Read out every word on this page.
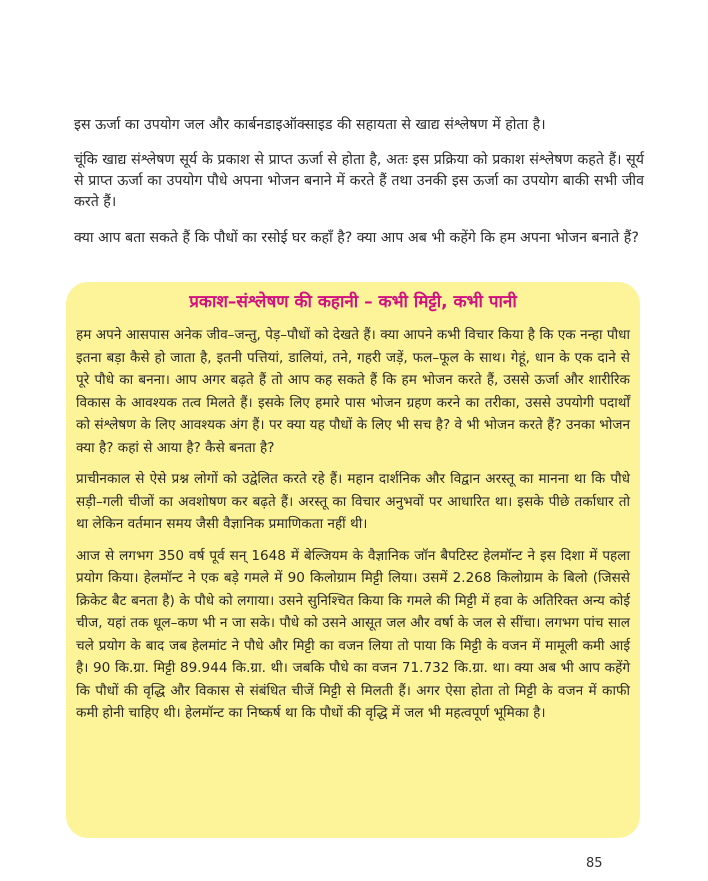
इस ऊर्जा का उपयोग जल और कार्बनडाइऑक्साइड की सहायता से खाद्य संश्लेषण में होता है।

चूंकि खाद्य संश्लेषण सूर्य के प्रकाश से प्राप्त ऊर्जा से होता है, अतः इस प्रक्रिया को प्रकाश संश्लेषण कहते हैं। सूर्य से प्राप्त ऊर्जा का उपयोग पौधे अपना भोजन बनाने में करते हैं तथा उनकी इस ऊर्जा का उपयोग बाकी सभी जीव करते हैं।

क्या आप बता सकते हैं कि पौधों का रसोई घर कहाँ है? क्या आप अब भी कहेंगे कि हम अपना भोजन बनाते हैं?

प्रकाश–संश्लेषण की कहानी – कभी मिट्टी, कभी पानी

हम अपने आसपास अनेक जीव–जन्तु, पेड़–पौधों को देखते हैं। क्या आपने कभी विचार किया है कि एक नन्हा पौधा इतना बड़ा कैसे हो जाता है, इतनी पत्तियां, डालियां, तने, गहरी जड़ें, फल–फूल के साथ। गेहूं, धान के एक दाने से पूरे पौधे का बनना। आप अगर बढ़ते हैं तो आप कह सकते हैं कि हम भोजन करते हैं, उससे ऊर्जा और शारीरिक विकास के आवश्यक तत्व मिलते हैं। इसके लिए हमारे पास भोजन ग्रहण करने का तरीका, उससे उपयोगी पदार्थों को संश्लेषण के लिए आवश्यक अंग हैं। पर क्या यह पौधों के लिए भी सच है? वे भी भोजन करते हैं? उनका भोजन क्या है? कहां से आया है? कैसे बनता है?

प्राचीनकाल से ऐसे प्रश्न लोगों को उद्वेलित करते रहे हैं। महान दार्शनिक और विद्वान अरस्तू का मानना था कि पौधे सड़ी–गली चीजों का अवशोषण कर बढ़ते हैं। अरस्तू का विचार अनुभवों पर आधारित था। इसके पीछे तर्काधार तो था लेकिन वर्तमान समय जैसी वैज्ञानिक प्रमाणिकता नहीं थी।

आज से लगभग 350 वर्ष पूर्व सन् 1648 में बेल्जियम के वैज्ञानिक जॉन बैपटिस्ट हेलमॉन्ट ने इस दिशा में पहला प्रयोग किया। हेलमॉन्ट ने एक बड़े गमले में 90 किलोग्राम मिट्टी लिया। उसमें 2.268 किलोग्राम के बिलो (जिससे क्रिकेट बैट बनता है) के पौधे को लगाया। उसने सुनिश्चित किया कि गमले की मिट्टी में हवा के अतिरिक्त अन्य कोई चीज, यहां तक धूल–कण भी न जा सके। पौधे को उसने आसूत जल और वर्षा के जल से सींचा। लगभग पांच साल चले प्रयोग के बाद जब हेलमांट ने पौधे और मिट्टी का वजन लिया तो पाया कि मिट्टी के वजन में मामूली कमी आई है। 90 कि.ग्रा. मिट्टी 89.944 कि.ग्रा. थी। जबकि पौधे का वजन 71.732 कि.ग्रा. था। क्या अब भी आप कहेंगे कि पौधों की वृद्धि और विकास से संबंधित चीजें मिट्टी से मिलती हैं। अगर ऐसा होता तो मिट्टी के वजन में काफी कमी होनी चाहिए थी। हेलमॉन्ट का निष्कर्ष था कि पौधों की वृद्धि में जल भी महत्वपूर्ण भूमिका है।

85
